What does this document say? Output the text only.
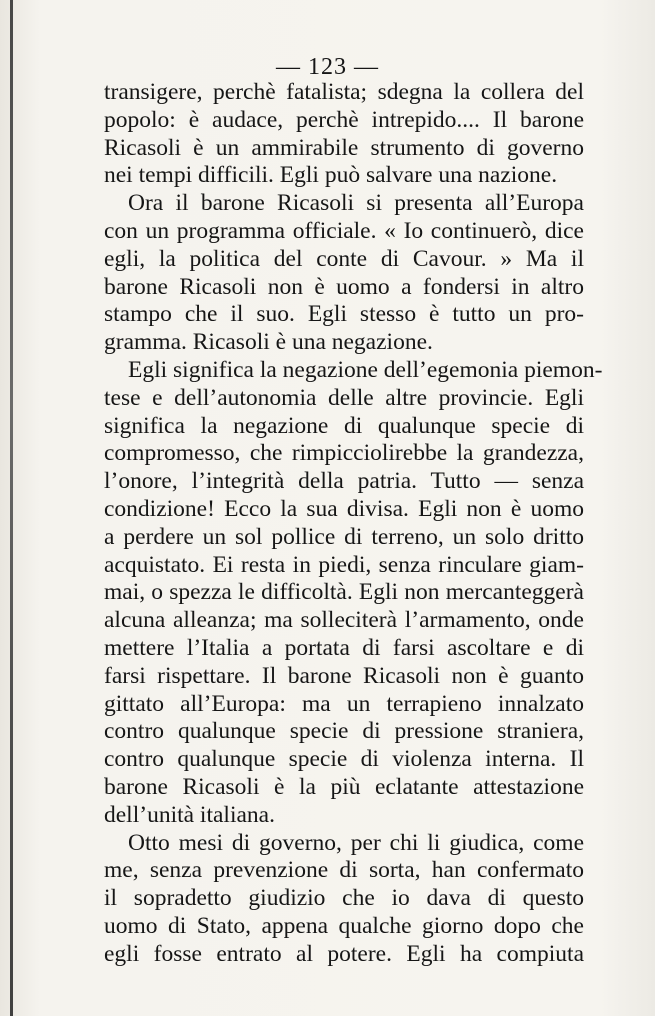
— 123 —
transigere, perchè fatalista; sdegna la collera del
popolo: è audace, perchè intrepido.... Il barone
Ricasoli è un ammirabile strumento di governo
nei tempi difficili. Egli può salvare una nazione.
Ora il barone Ricasoli si presenta all’Europa
con un programma officiale. « Io continuerò, dice
egli, la politica del conte di Cavour. » Ma il
barone Ricasoli non è uomo a fondersi in altro
stampo che il suo. Egli stesso è tutto un pro-
gramma. Ricasoli è una negazione.
Egli significa la negazione dell’egemonia piemon-
tese e dell’autonomia delle altre provincie. Egli
significa la negazione di qualunque specie di
compromesso, che rimpicciolirebbe la grandezza,
l’onore, l’integrità della patria. Tutto — senza
condizione! Ecco la sua divisa. Egli non è uomo
a perdere un sol pollice di terreno, un solo dritto
acquistato. Ei resta in piedi, senza rinculare giam-
mai, o spezza le difficoltà. Egli non mercanteggerà
alcuna alleanza; ma solleciterà l’armamento, onde
mettere l’Italia a portata di farsi ascoltare e di
farsi rispettare. Il barone Ricasoli non è guanto
gittato all’Europa: ma un terrapieno innalzato
contro qualunque specie di pressione straniera,
contro qualunque specie di violenza interna. Il
barone Ricasoli è la più eclatante attestazione
dell’unità italiana.
Otto mesi di governo, per chi li giudica, come
me, senza prevenzione di sorta, han confermato
il sopradetto giudizio che io dava di questo
uomo di Stato, appena qualche giorno dopo che
egli fosse entrato al potere. Egli ha compiuta
